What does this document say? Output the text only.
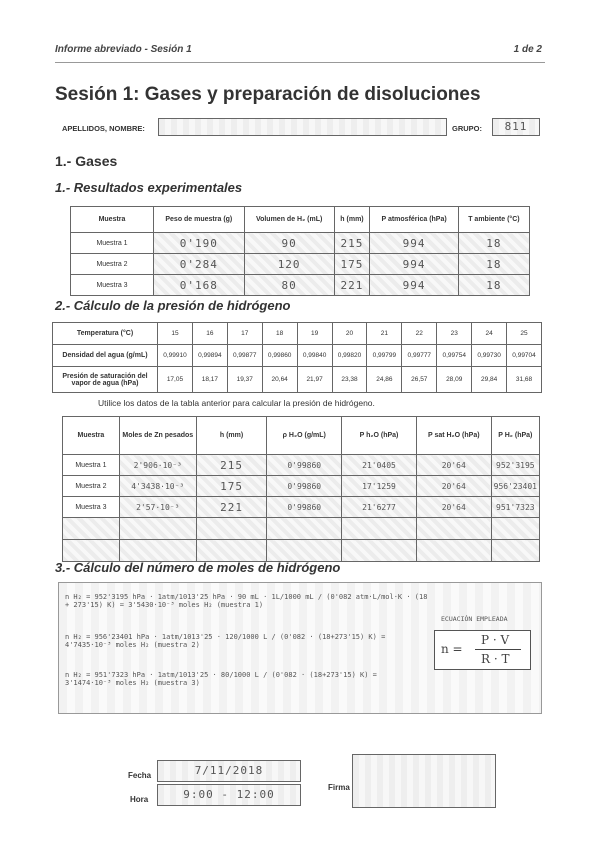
Informe abreviado - Sesión 1	1 de 2
Sesión 1: Gases y preparación de disoluciones
APELLIDOS, NOMBRE:	GRUPO:	811
1.- Gases
1.- Resultados experimentales
Muestra	Peso de muestra (g)	Volumen de H₂ (mL)	h (mm)	P atmosférica (hPa)	T ambiente (°C)
Muestra 1	0'190	90	215	994	18
Muestra 2	0'284	120	175	994	18
Muestra 3	0'168	80	221	994	18
2.- Cálculo de la presión de hidrógeno
Temperatura (°C)	15	16	17	18	19	20	21	22	23	24	25
Densidad del agua (g/mL)	0,99910	0,99894	0,99877	0,99860	0,99840	0,99820	0,99799	0,99777	0,99754	0,99730	0,99704
Presión de saturación del vapor de agua (hPa)	17,05	18,17	19,37	20,64	21,97	23,38	24,86	26,57	28,09	29,84	31,68
Utilice los datos de la tabla anterior para calcular la presión de hidrógeno.
Muestra	Moles de Zn pesados	h (mm)	ρ H₂O (g/mL)	P h₂O (hPa)	P sat H₂O (hPa)	P H₂ (hPa)
Muestra 1	2'906·10⁻³	215	0'99860	21'0405	20'64	952'3195
Muestra 2	4'3438·10⁻³	175	0'99860	17'1259	20'64	956'23401
Muestra 3	2'57·10⁻³	221	0'99860	21'6277	20'64	951'7323

3.- Cálculo del número de moles de hidrógeno
n H₂ = 952'3195 hPa · 1atm/1013'25 hPa · 90 mL · 1L/1000 mL / (0'082 atm·L/mol·K · (18 + 273'15) K) = 3'5430·10⁻³ moles H₂ (muestra 1)
n H₂ = 956'23401 hPa · 1atm/1013'25 · 120/1000 L / (0'082 · (18+273'15) K) = 4'7435·10⁻³ moles H₂ (muestra 2)
n H₂ = 951'7323 hPa · 1atm/1013'25 · 80/1000 L / (0'082 · (18+273'15) K) = 3'1474·10⁻³ moles H₂ (muestra 3)
ECUACIÓN EMPLEADA
n =
P · V
R · T
Fecha	7/11/2018
Hora	9:00 - 12:00
Firma
